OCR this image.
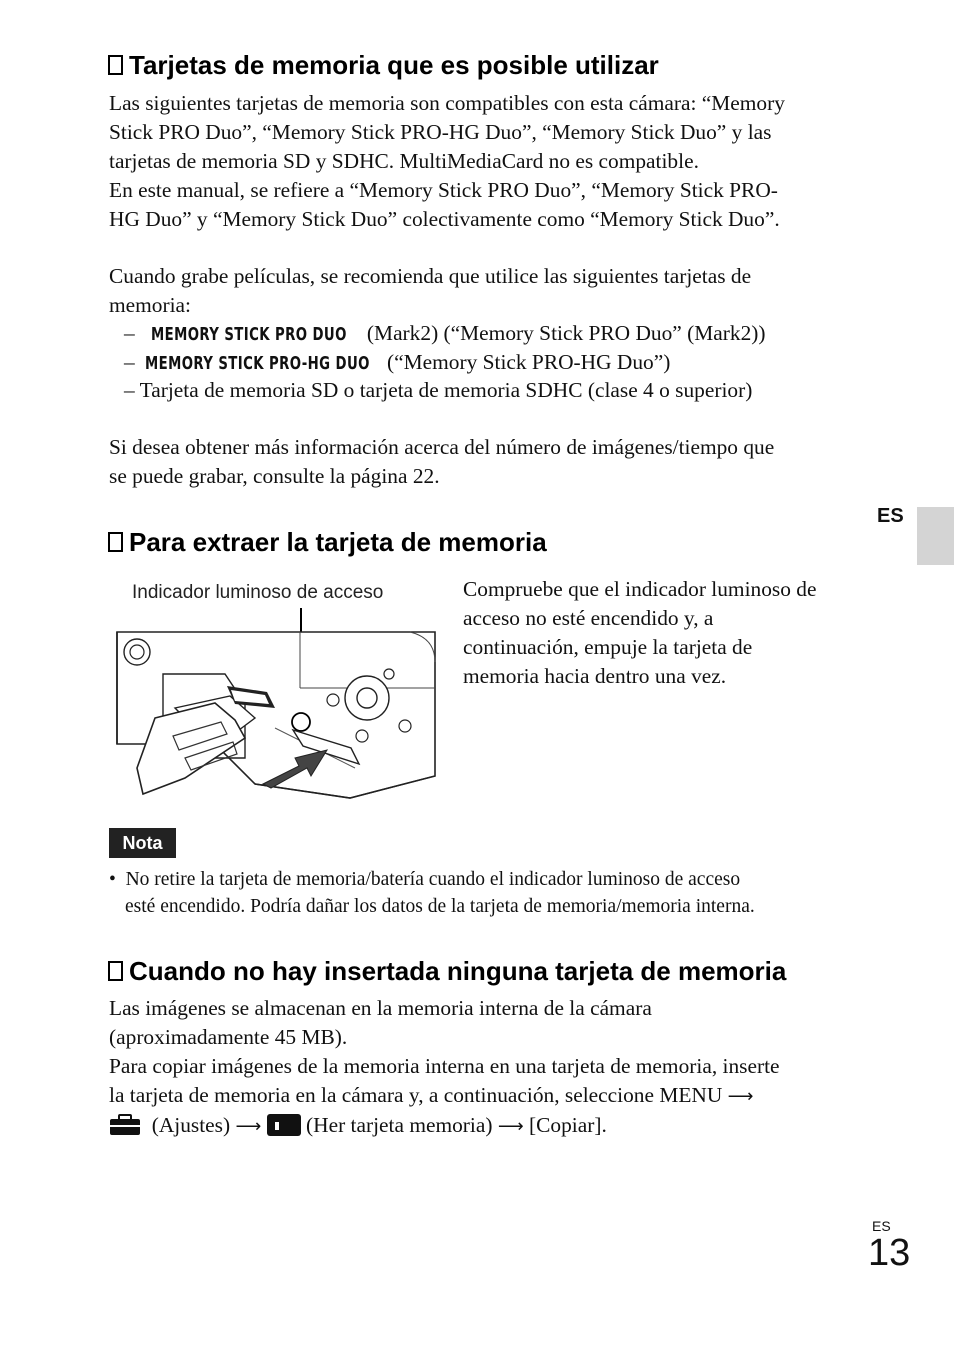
Tarjetas de memoria que es posible utilizar
Las siguientes tarjetas de memoria son compatibles con esta cámara: “Memory
Stick PRO Duo”, “Memory Stick PRO-HG Duo”, “Memory Stick Duo” y las
tarjetas de memoria SD y SDHC. MultiMediaCard no es compatible.
En este manual, se refiere a “Memory Stick PRO Duo”, “Memory Stick PRO-
HG Duo” y “Memory Stick Duo” colectivamente como “Memory Stick Duo”.
Cuando grabe películas, se recomienda que utilice las siguientes tarjetas de
memoria:
– MEMORY STICK PRO DUO (Mark2) (“Memory Stick PRO Duo” (Mark2))
– MEMORY STICK PRO-HG DUO (“Memory Stick PRO-HG Duo”)
– Tarjeta de memoria SD o tarjeta de memoria SDHC (clase 4 o superior)
Si desea obtener más información acerca del número de imágenes/tiempo que
se puede grabar, consulte la página 22.
ES
Para extraer la tarjeta de memoria
Indicador luminoso de acceso	Compruebe que el indicador luminoso de
acceso no esté encendido y, a
continuación, empuje la tarjeta de
memoria hacia dentro una vez.
Nota
•  No retire la tarjeta de memoria/batería cuando el indicador luminoso de acceso
esté encendido. Podría dañar los datos de la tarjeta de memoria/memoria interna.
Cuando no hay insertada ninguna tarjeta de memoria
Las imágenes se almacenan en la memoria interna de la cámara
(aproximadamente 45 MB).
Para copiar imágenes de la memoria interna en una tarjeta de memoria, inserte
la tarjeta de memoria en la cámara y, a continuación, seleccione MENU ⟶
(Ajustes) ⟶ (Her tarjeta memoria) ⟶ [Copiar].
ES
13
